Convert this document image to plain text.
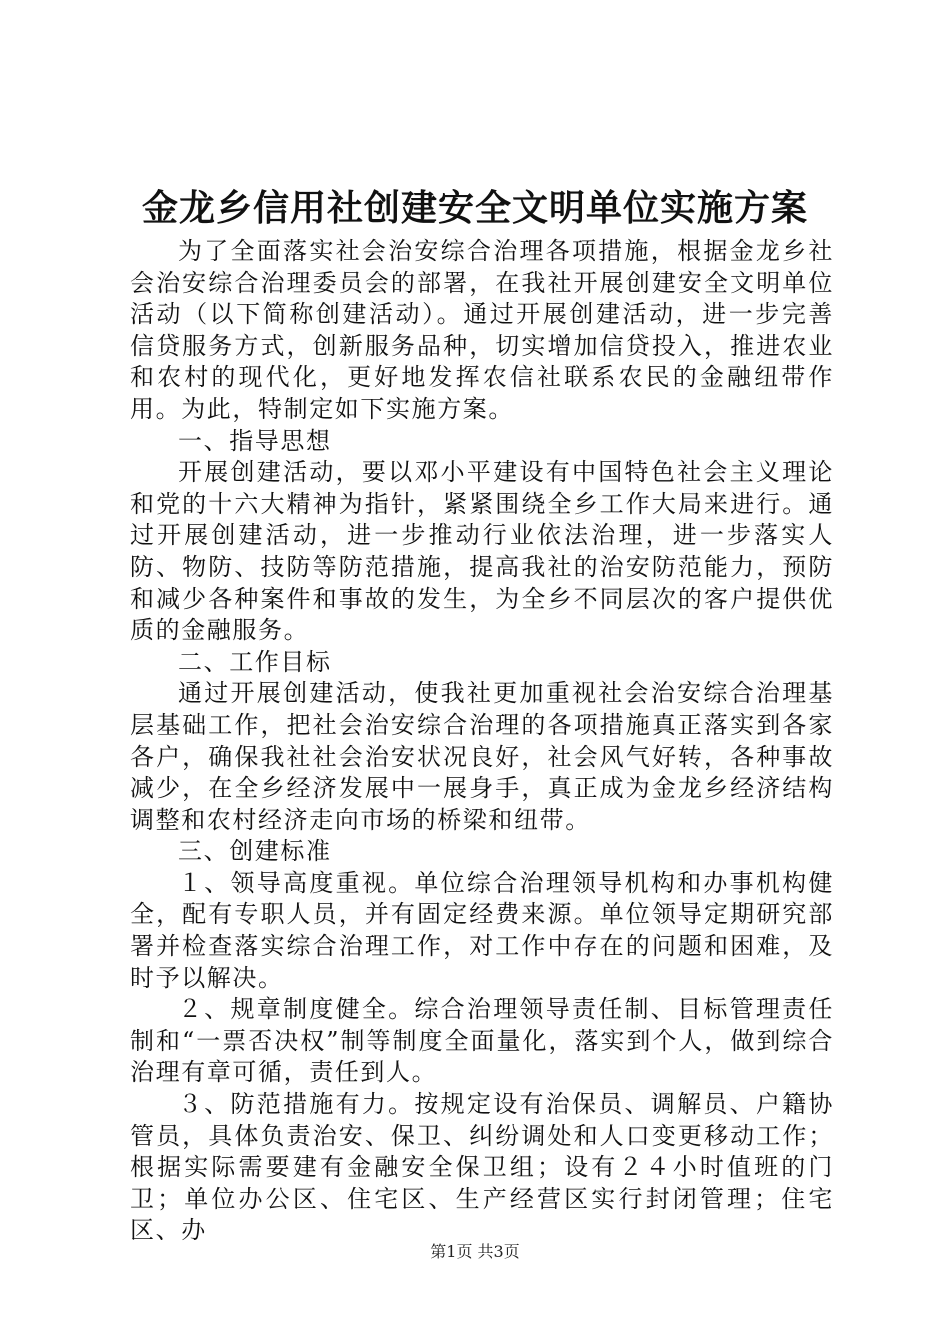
金龙乡信用社创建安全文明单位实施方案

为了全面落实社会治安综合治理各项措施，根据金龙乡社会治安综合治理委员会的部署，在我社开展创建安全文明单位活动（以下简称创建活动）。通过开展创建活动，进一步完善信贷服务方式，创新服务品种，切实增加信贷投入，推进农业和农村的现代化，更好地发挥农信社联系农民的金融纽带作用。为此，特制定如下实施方案。

一、指导思想

开展创建活动，要以邓小平建设有中国特色社会主义理论和党的十六大精神为指针，紧紧围绕全乡工作大局来进行。通过开展创建活动，进一步推动行业依法治理，进一步落实人防、物防、技防等防范措施，提高我社的治安防范能力，预防和减少各种案件和事故的发生，为全乡不同层次的客户提供优质的金融服务。

二、工作目标

通过开展创建活动，使我社更加重视社会治安综合治理基层基础工作，把社会治安综合治理的各项措施真正落实到各家各户，确保我社社会治安状况良好，社会风气好转，各种事故减少，在全乡经济发展中一展身手，真正成为金龙乡经济结构调整和农村经济走向市场的桥梁和纽带。

三、创建标准

１、领导高度重视。单位综合治理领导机构和办事机构健全，配有专职人员，并有固定经费来源。单位领导定期研究部署并检查落实综合治理工作，对工作中存在的问题和困难，及时予以解决。

２、规章制度健全。综合治理领导责任制、目标管理责任制和“一票否决权”制等制度全面量化，落实到个人，做到综合治理有章可循，责任到人。

３、防范措施有力。按规定设有治保员、调解员、户籍协管员，具体负责治安、保卫、纠纷调处和人口变更移动工作；根据实际需要建有金融安全保卫组；设有２４小时值班的门卫；单位办公区、住宅区、生产经营区实行封闭管理；住宅区、办

第1页 共3页
